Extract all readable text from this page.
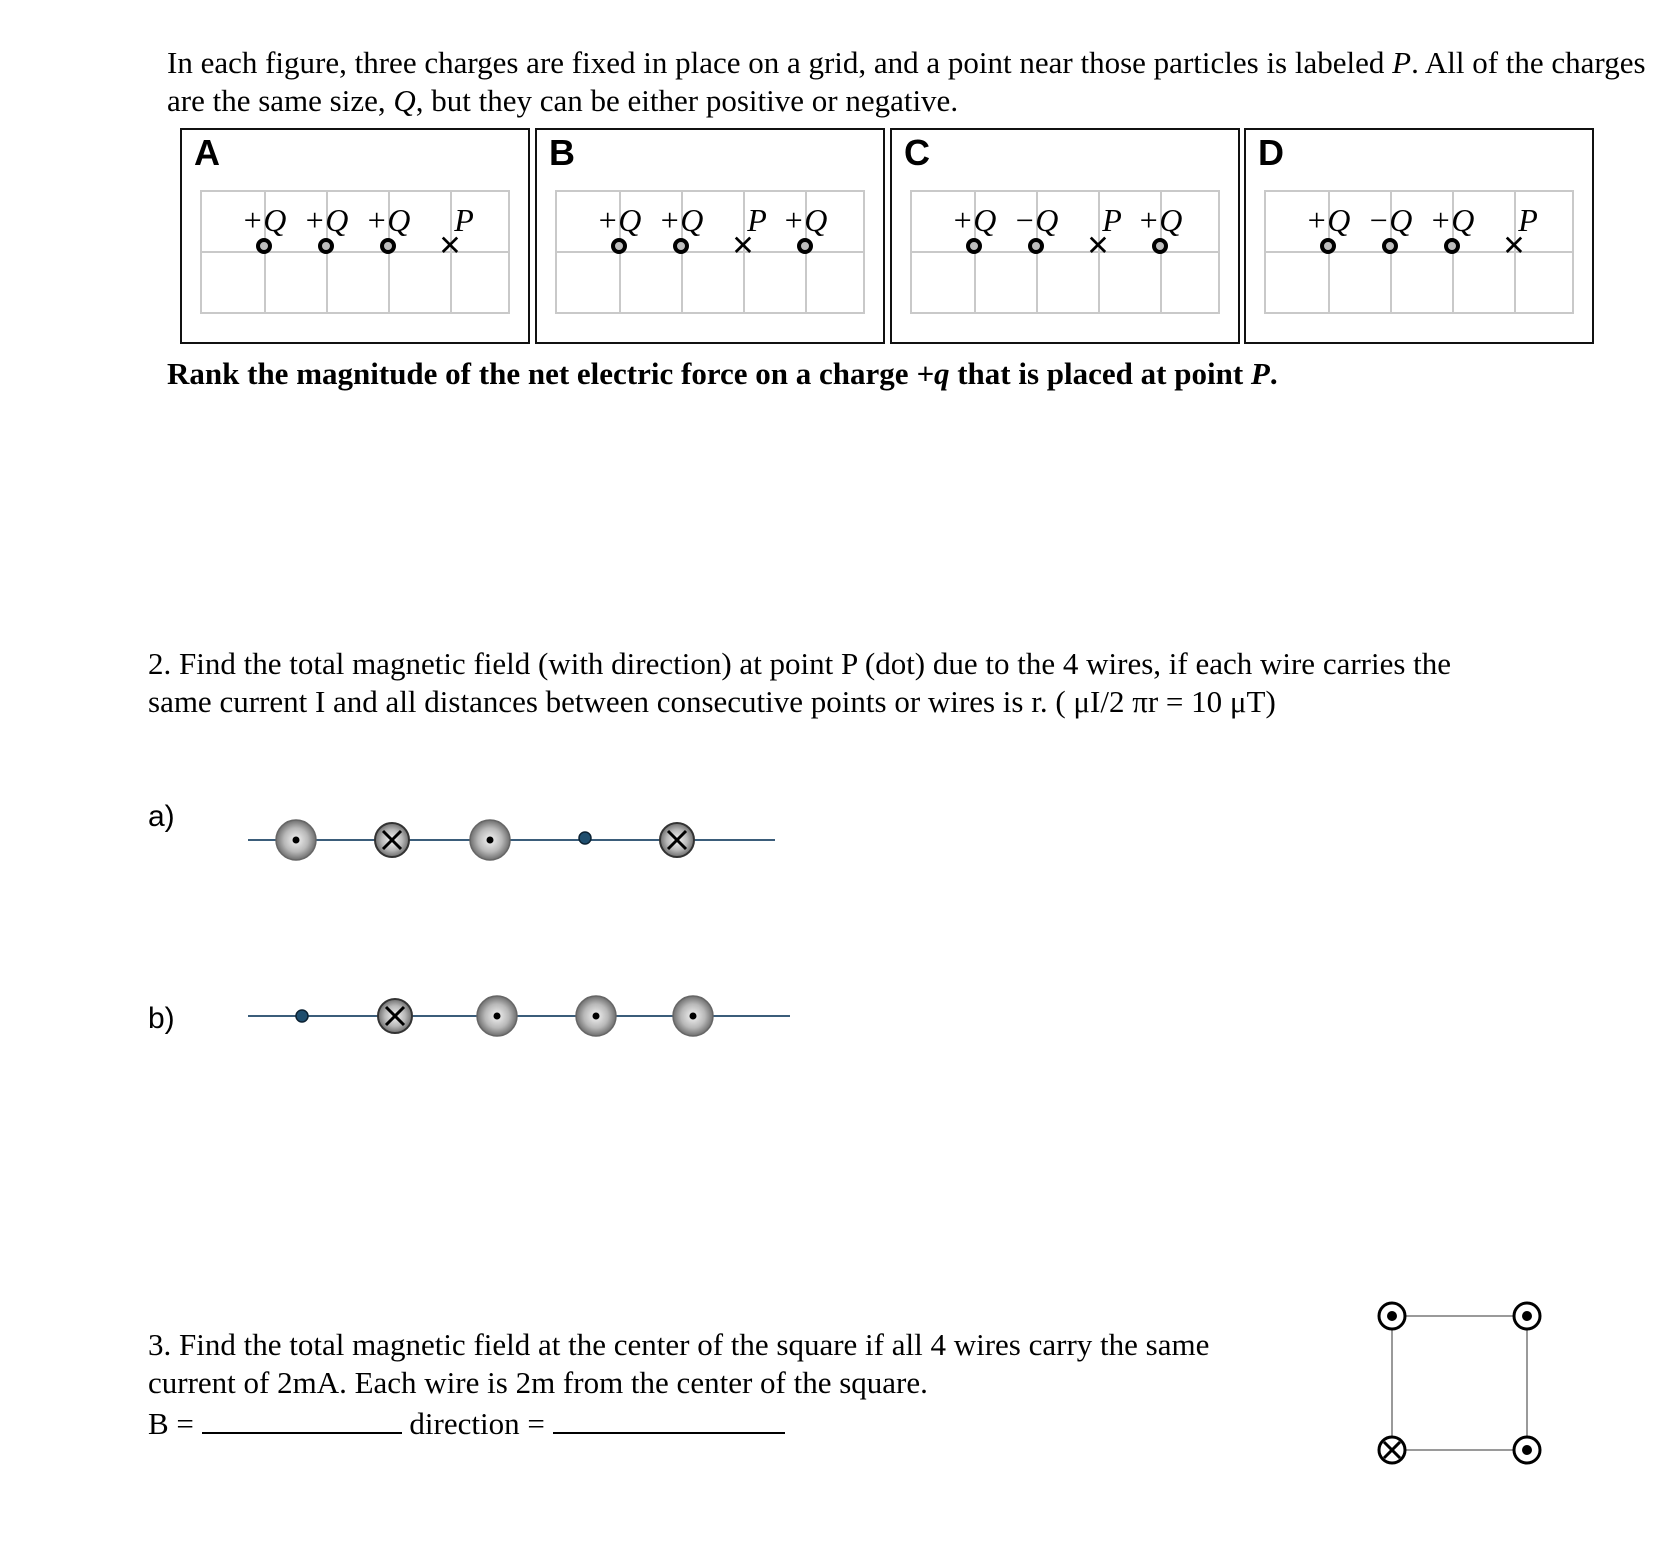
In each figure, three charges are fixed in place on a grid, and a point near those particles is labeled P. All of the charges are the same size, Q, but they can be either positive or negative.
A
+Q +Q +Q P
✕
B
+Q +Q P +Q
✕
C
+Q −Q P +Q
✕
D
+Q −Q +Q P
✕
Rank the magnitude of the net electric force on a charge +q that is placed at point P.
2. Find the total magnetic field (with direction) at point P (dot) due to the 4 wires, if each wire carries the
same current I and all distances between consecutive points or wires is r. ( μI/2 πr = 10 μT)
a)
b)
3. Find the total magnetic field at the center of the square if all 4 wires carry the same
current of 2mA. Each wire is 2m from the center of the square.
B =	direction =
